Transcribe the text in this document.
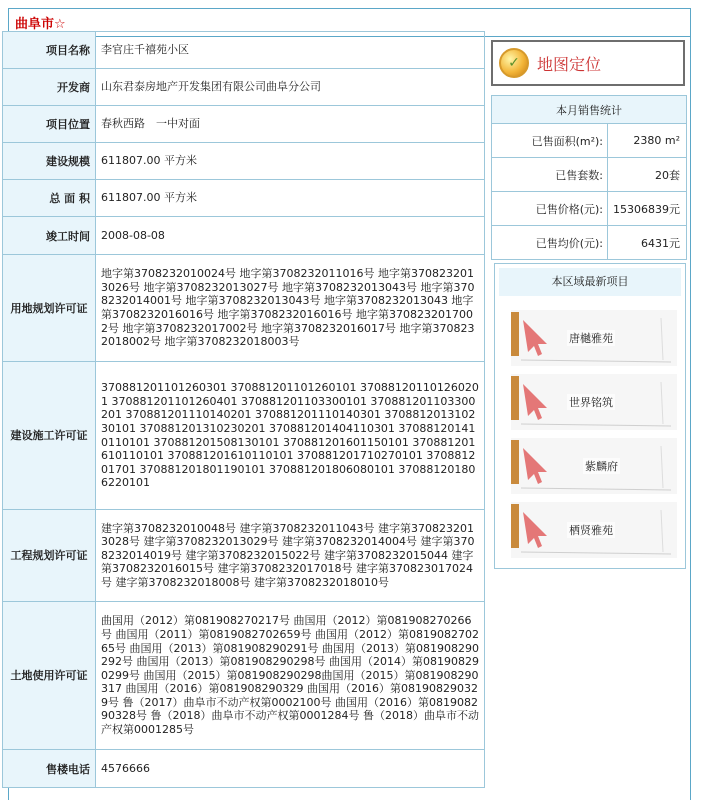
曲阜市☆
项目名称	李官庄千禧苑小区
开发商	山东君泰房地产开发集团有限公司曲阜分公司
项目位置	春秋西路　一中对面
建设规模	611807.00 平方米
总 面 积	611807.00 平方米
竣工时间	2008-08-08
用地规划许可证	地字第3708232010024号 地字第3708232011016号 地字第3708232013026号 地字第3708232013027号 地字第3708232013043号 地字第3708232014001号 地字第3708232013043号 地字第3708232013043 地字第3708232016016号 地字第3708232016016号 地字第3708232017002号 地字第3708232017002号 地字第3708232016017号 地字第3708232018002号 地字第3708232018003号
建设施工许可证	370881201101260301 370881201101260101 370881201101260201 370881201101260401 370881201103300101 370881201103300201 370881201110140201 370881201110140301 370881201310230101 370881201310230201 370881201404110301 370881201410110101 370881201508130101 370881201601150101 370881201610110101 370881201610110101 370881201710270101 370881201701 370881201801190101 370881201806080101 370881201806220101
工程规划许可证	建字第3708232010048号 建字第3708232011043号 建字第3708232013028号 建字第3708232013029号 建字第3708232014004号 建字第3708232014019号 建字第3708232015022号 建字第3708232015044 建字第3708232016015号 建字第3708232017018号 建字第370823017024号 建字第3708232018008号 建字第3708232018010号
土地使用许可证	曲国用（2012）第081908270217号 曲国用（2012）第081908270266号 曲国用（2011）第0819082702659号 曲国用（2012）第081908270265号 曲国用（2013）第081908290291号 曲国用（2013）第081908290292号 曲国用（2013）第081908290298号 曲国用（2014）第081908290299号 曲国用（2015）第081908290298曲国用（2015）第081908290317 曲国用（2016）第081908290329 曲国用（2016）第081908290329号 鲁（2017）曲阜市不动产权第0002100号 曲国用（2016）第081908290328号 鲁（2018）曲阜市不动产权第0001284号 鲁（2018）曲阜市不动产权第0001285号
售楼电话	4576666
✓	地图定位
本月销售统计	
已售面积(m²):	2380 m²
已售套数:	20套
已售价格(元):	15306839元
已售均价(元):	6431元
本区域最新项目
唐樾雅苑
世界铭筑
紫麟府
栖贤雅苑
